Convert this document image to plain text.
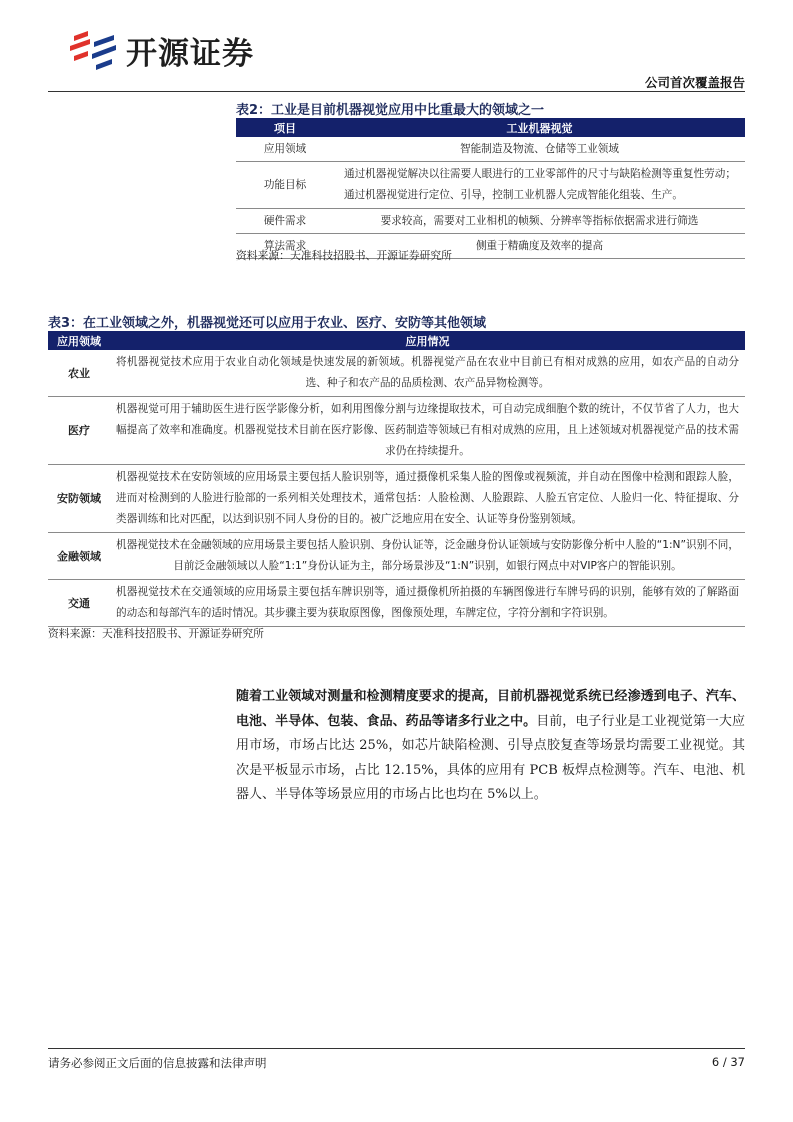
开源证券
公司首次覆盖报告
表2：工业是目前机器视觉应用中比重最大的领域之一
项目	工业机器视觉
应用领域	智能制造及物流、仓储等工业领域
功能目标	通过机器视觉解决以往需要人眼进行的工业零部件的尺寸与缺陷检测等重复性劳动；通过机器视觉进行定位、引导，控制工业机器人完成智能化组装、生产。
硬件需求	要求较高，需要对工业相机的帧频、分辨率等指标依据需求进行筛选
算法需求	侧重于精确度及效率的提高
资料来源：天准科技招股书、开源证券研究所
表3：在工业领域之外，机器视觉还可以应用于农业、医疗、安防等其他领域
应用领域	应用情况
农业	将机器视觉技术应用于农业自动化领域是快速发展的新领域。机器视觉产品在农业中目前已有相对成熟的应用，如农产品的自动分选、种子和农产品的品质检测、农产品异物检测等。
医疗	机器视觉可用于辅助医生进行医学影像分析，如利用图像分割与边缘提取技术，可自动完成细胞个数的统计，不仅节省了人力，也大幅提高了效率和准确度。机器视觉技术目前在医疗影像、医药制造等领域已有相对成熟的应用，且上述领域对机器视觉产品的技术需求仍在持续提升。
安防领域	机器视觉技术在安防领域的应用场景主要包括人脸识别等，通过摄像机采集人脸的图像或视频流，并自动在图像中检测和跟踪人脸，进而对检测到的人脸进行脸部的一系列相关处理技术，通常包括：人脸检测、人脸跟踪、人脸五官定位、人脸归一化、特征提取、分类器训练和比对匹配，以达到识别不同人身份的目的。被广泛地应用在安全、认证等身份鉴别领域。
金融领域	机器视觉技术在金融领域的应用场景主要包括人脸识别、身份认证等，泛金融身份认证领域与安防影像分析中人脸的“1:N”识别不同，目前泛金融领域以人脸“1:1”身份认证为主，部分场景涉及“1:N”识别，如银行网点中对VIP客户的智能识别。
交通	机器视觉技术在交通领域的应用场景主要包括车牌识别等，通过摄像机所拍摄的车辆图像进行车牌号码的识别，能够有效的了解路面的动态和每部汽车的适时情况。其步骤主要为获取原图像，图像预处理，车牌定位，字符分割和字符识别。
资料来源：天准科技招股书、开源证券研究所
随着工业领域对测量和检测精度要求的提高，目前机器视觉系统已经渗透到电子、汽车、电池、半导体、包装、食品、药品等诸多行业之中。目前，电子行业是工业视觉第一大应用市场，市场占比达 25%，如芯片缺陷检测、引导点胶复查等场景均需要工业视觉。其次是平板显示市场，占比 12.15%，具体的应用有 PCB 板焊点检测等。汽车、电池、机器人、半导体等场景应用的市场占比也均在 5%以上。
请务必参阅正文后面的信息披露和法律声明	6 / 37
